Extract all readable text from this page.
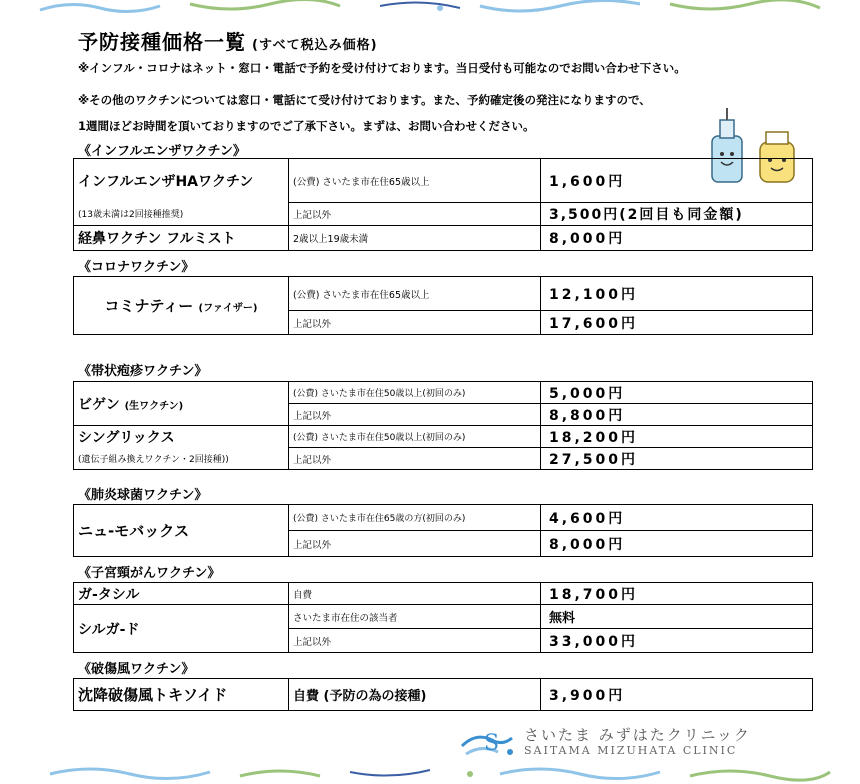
予防接種価格一覧 (すべて税込み価格)
※インフル・コロナはネット・窓口・電話で予約を受け付けております。当日受付も可能なのでお問い合わせ下さい。
※その他のワクチンについては窓口・電話にて受け付けております。また、予約確定後の発注になりますので、
1週間ほどお時間を頂いておりますのでご了承下さい。まずは、お問い合わせください。
《インフルエンザワクチン》
インフルエンザHAワクチン	(公費) さいたま市在住65歳以上	1,600円
(13歳未満は2回接種推奨)	上記以外	3,500円(2回目も同金額)
経鼻ワクチン フルミスト	2歳以上19歳未満	8,000円
《コロナワクチン》
コミナティー (ファイザー)	(公費) さいたま市在住65歳以上	12,100円
	上記以外	17,600円
《帯状疱疹ワクチン》
ビゲン (生ワクチン)	(公費) さいたま市在住50歳以上(初回のみ)	5,000円
	上記以外	8,800円
シングリックス	(公費) さいたま市在住50歳以上(初回のみ)	18,200円
(遺伝子組み換えワクチン・2回接種))	上記以外	27,500円
《肺炎球菌ワクチン》
ニュ-モバックス	(公費) さいたま市在住65歳の方(初回のみ)	4,600円
	上記以外	8,000円
《子宮頸がんワクチン》
ガ-タシル	自費	18,700円
シルガ-ド	さいたま市在住の該当者	無料
	上記以外	33,000円
《破傷風ワクチン》
沈降破傷風トキソイド	自費 (予防の為の接種)	3,900円
S さいたま みずはたクリニック
SAITAMA MIZUHATA CLINIC
